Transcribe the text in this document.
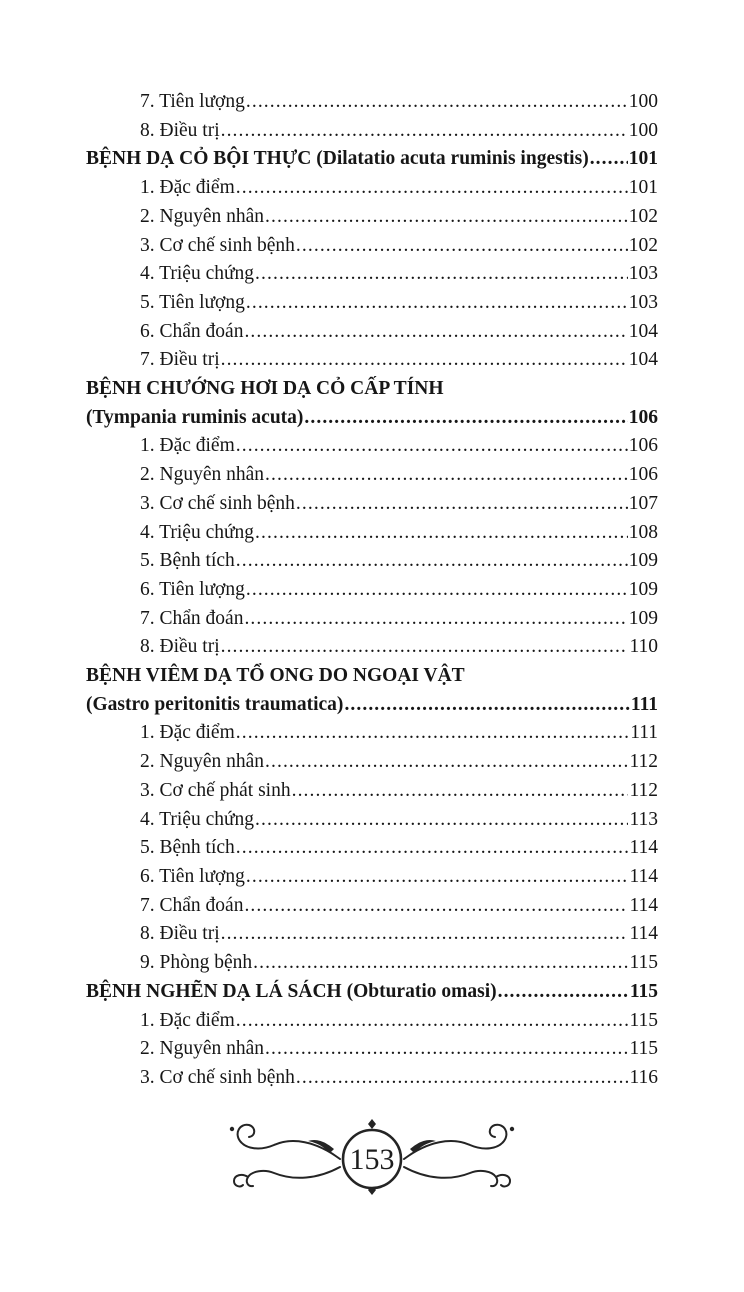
7. Tiên lượng .....	100
8. Điều trị .....	100
BỆNH DẠ CỎ BỘI THỰC (Dilatatio acuta ruminis ingestis) ..... 101
1. Đặc điểm .....	101
2. Nguyên nhân .....	102
3. Cơ chế sinh bệnh .....	102
4. Triệu chứng .....	103
5. Tiên lượng .....	103
6. Chẩn đoán .....	104
7. Điều trị .....	104
BỆNH CHƯỚNG HƠI DẠ CỎ CẤP TÍNH
(Tympania ruminis acuta) .....	106
1. Đặc điểm .....	106
2. Nguyên nhân .....	106
3. Cơ chế sinh bệnh .....	107
4. Triệu chứng .....	108
5. Bệnh tích .....	109
6. Tiên lượng .....	109
7. Chẩn đoán .....	109
8. Điều trị .....	110
BỆNH VIÊM DẠ TỔ ONG DO NGOẠI VẬT
(Gastro peritonitis traumatica) .....	111
1. Đặc điểm .....	111
2. Nguyên nhân .....	112
3. Cơ chế phát sinh .....	112
4. Triệu chứng .....	113
5. Bệnh tích .....	114
6. Tiên lượng .....	114
7. Chẩn đoán .....	114
8. Điều trị .....	114
9. Phòng bệnh .....	115
BỆNH NGHẼN DẠ LÁ SÁCH (Obturatio omasi) .....	115
1. Đặc điểm .....	115
2. Nguyên nhân .....	115
3. Cơ chế sinh bệnh .....	116
153
